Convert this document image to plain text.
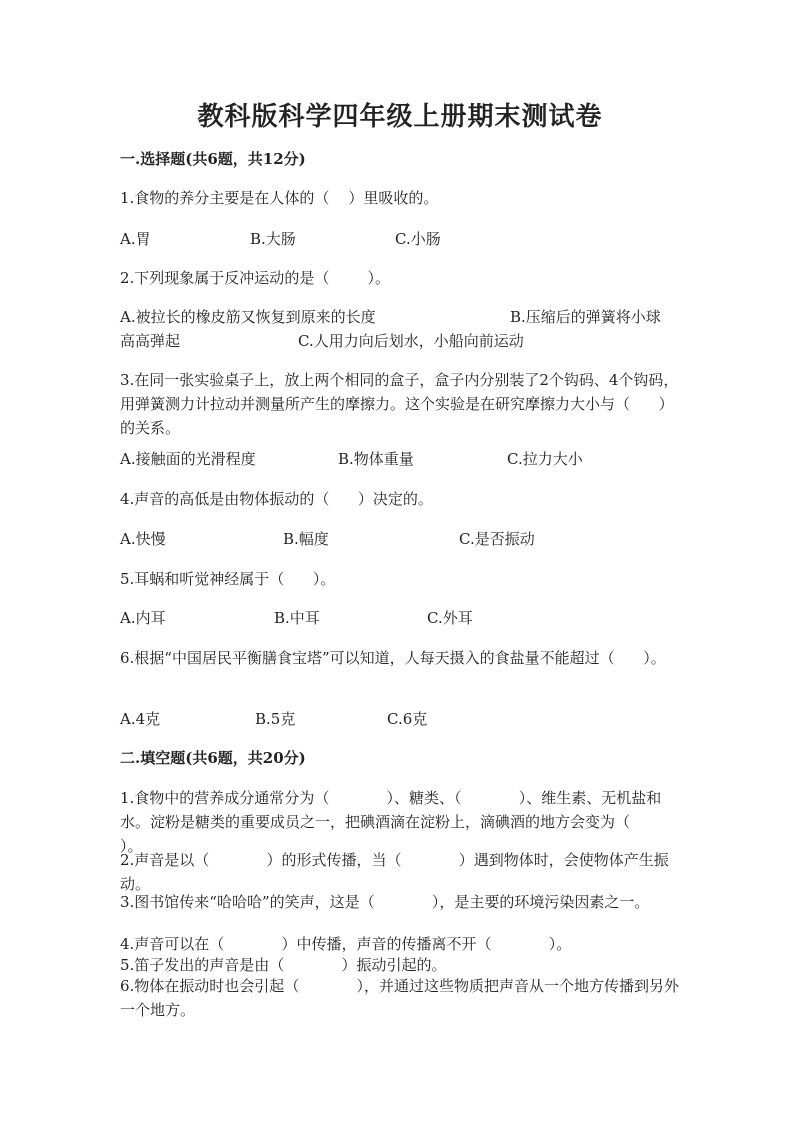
教科版科学四年级上册期末测试卷
一.选择题(共6题，共12分)
1.食物的养分主要是在人体的（    ）里吸收的。
A.胃	B.大肠	C.小肠
2.下列现象属于反冲运动的是（        ）。
A.被拉长的橡皮筋又恢复到原来的长度	B.压缩后的弹簧将小球
高高弹起	C.人用力向后划水，小船向前运动
3.在同一张实验桌子上，放上两个相同的盒子，盒子内分别装了2个钩码、4个钩码，用弹簧测力计拉动并测量所产生的摩擦力。这个实验是在研究摩擦力大小与（      ）的关系。
A.接触面的光滑程度	B.物体重量	C.拉力大小
4.声音的高低是由物体振动的（      ）决定的。
A.快慢	B.幅度	C.是否振动
5.耳蜗和听觉神经属于（      ）。
A.内耳	B.中耳	C.外耳
6.根据“中国居民平衡膳食宝塔”可以知道，人每天摄入的食盐量不能超过（      ）。
A.4克	B.5克	C.6克
二.填空题(共6题，共20分)
1.食物中的营养成分通常分为（            ）、糖类、（            ）、维生素、无机盐和水。淀粉是糖类的重要成员之一，把碘酒滴在淀粉上，滴碘酒的地方会变为（            ）。
2.声音是以（            ）的形式传播，当（            ）遇到物体时，会使物体产生振动。
3.图书馆传来“哈哈哈”的笑声，这是（            ），是主要的环境污染因素之一。
4.声音可以在（            ）中传播，声音的传播离不开（            ）。
5.笛子发出的声音是由（            ）振动引起的。
6.物体在振动时也会引起（            ），并通过这些物质把声音从一个地方传播到另外一个地方。
